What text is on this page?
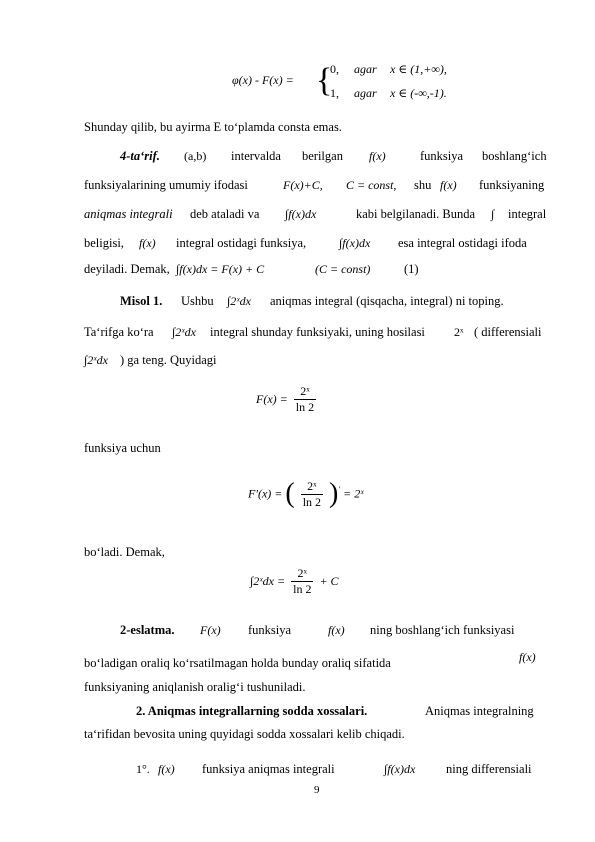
φ(x) - F(x) = {
0, agar x ∈ (1,+∞),
1, agar x ∈ (-∞,-1).
Shunday qilib, bu ayirma E to‘plamda consta emas.
4-ta‘rif. (a,b) intervalda berilgan f(x)	funksiya boshlang‘ich
funksiyalarining umumiy ifodasi	F(x)+C, C = const, shu f(x) funksiyaning
aniqmas integrali deb ataladi va ∫f(x)dx	kabi belgilanadi. Bunda ∫ integral
beligisi, f(x) integral ostidagi funksiya,	∫f(x)dx esa integral ostidagi ifoda
deyiladi. Demak, ∫f(x)dx = F(x) + C	(C = const)	(1)
Misol 1. Ushbu ∫2ˣdx aniqmas integral (qisqacha, integral) ni toping.
Ta‘rifga ko‘ra ∫2ˣdx integral shunday funksiyaki, uning hosilasi 2ˣ ( differensiali
∫2ˣdx ) ga teng. Quyidagi
$F(x) = \frac{\text{2ˣ}}{\ln 2}$
funksiya uchun
F′(x) = ( $\frac{\text{2ˣ}}{\ln 2} )'$ = 2ˣ
bo‘ladi. Demak,
∫2ˣdx = $\frac{\text{2ˣ}}{\ln 2} + C$
2-eslatma. F(x) funksiya	f(x) ning boshlang‘ich funksiyasi
bo‘ladigan oraliq ko‘rsatilmagan holda bunday oraliq sifatida	f(x)
funksiyaning aniqlanish oralig‘i tushuniladi.
2. Aniqmas integrallarning sodda xossalari.	Aniqmas integralning
ta‘rifidan bevosita uning quyidagi sodda xossalari kelib chiqadi.
1°. f(x) funksiya aniqmas integrali	∫f(x)dx ning differensiali
9
